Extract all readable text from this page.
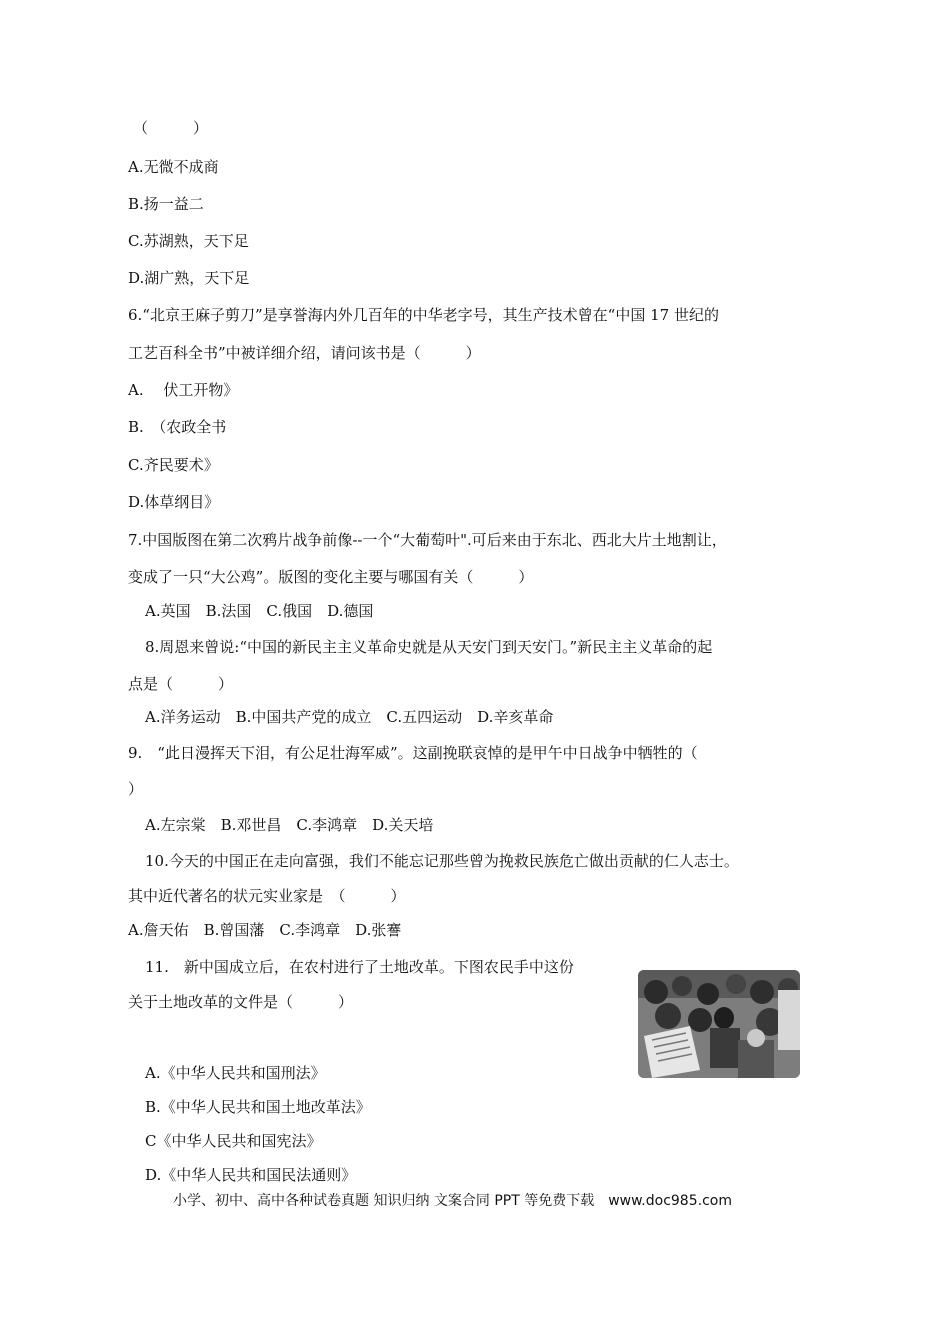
（　　　）
A.无微不成商
B.扬一益二
C.苏湖熟，天下足
D.湖广熟，天下足
6.“北京王麻子剪刀”是享誉海内外几百年的中华老字号，其生产技术曾在“中国 17 世纪的
工艺百科全书”中被详细介绍，请问该书是（　　　）
A.　 伏工开物》
B.　（农政全书
C.齐民要术》
D.体草纲目》
7.中国版图在第二次鸦片战争前像--一个“大葡萄叶".可后来由于东北、西北大片土地割让，
变成了一只“大公鸡”。版图的变化主要与哪国有关（　　　）
A.英国　B.法国　C.俄国　D.德国
8.周恩来曾说:“中国的新民主主义革命史就是从天安门到天安门。”新民主主义革命的起
点是（　　　）
A.洋务运动　B.中国共产党的成立　C.五四运动　D.辛亥革命
9.　“此日漫挥天下泪，有公足壮海军威”。这副挽联哀悼的是甲午中日战争中牺牲的（
）
A.左宗棠　B.邓世昌　C.李鸿章　D.关天培
10.今天的中国正在走向富强，我们不能忘记那些曾为挽救民族危亡做出贡献的仁人志士。
其中近代著名的状元实业家是　（　　　）
A.詹天佑　B.曾国藩　C.李鸿章　D.张謇
11.　新中国成立后，在农村进行了土地改革。下图农民手中这份
关于土地改革的文件是（　　　）
A.《中华人民共和国刑法》
B.《中华人民共和国土地改革法》
C《中华人民共和国宪法》
D.《中华人民共和国民法通则》
小学、初中、高中各种试卷真题 知识归纳 文案合同 PPT 等免费下载　www.doc985.com
